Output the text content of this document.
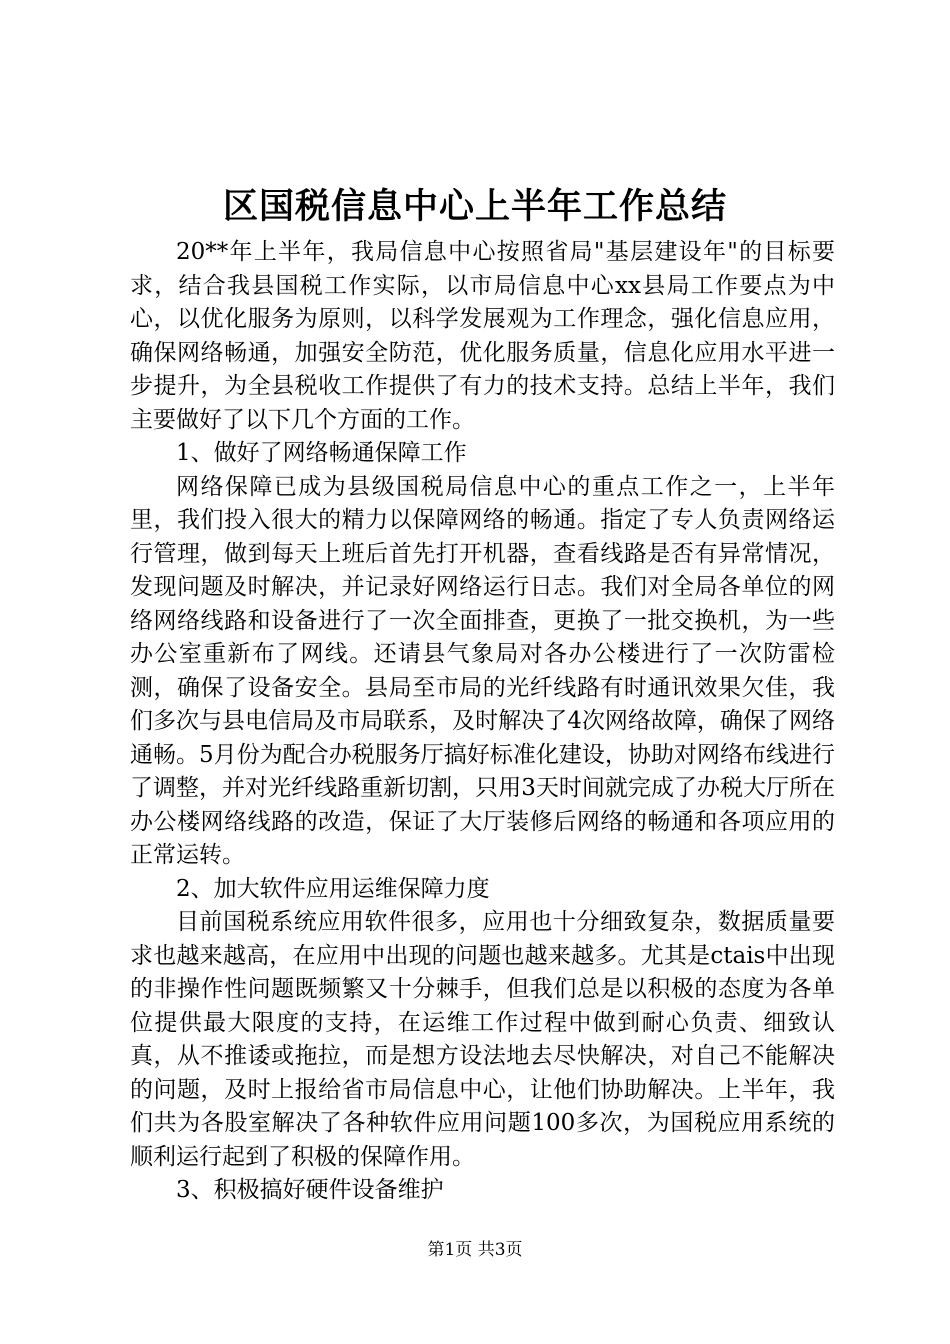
区国税信息中心上半年工作总结

20**年上半年，我局信息中心按照省局"基层建设年"的目标要求，结合我县国税工作实际，以市局信息中心xx县局工作要点为中心，以优化服务为原则，以科学发展观为工作理念，强化信息应用，确保网络畅通，加强安全防范，优化服务质量，信息化应用水平进一步提升，为全县税收工作提供了有力的技术支持。总结上半年，我们主要做好了以下几个方面的工作。

1、做好了网络畅通保障工作

网络保障已成为县级国税局信息中心的重点工作之一，上半年里，我们投入很大的精力以保障网络的畅通。指定了专人负责网络运行管理，做到每天上班后首先打开机器，查看线路是否有异常情况，发现问题及时解决，并记录好网络运行日志。我们对全局各单位的网络网络线路和设备进行了一次全面排查，更换了一批交换机，为一些办公室重新布了网线。还请县气象局对各办公楼进行了一次防雷检测，确保了设备安全。县局至市局的光纤线路有时通讯效果欠佳，我们多次与县电信局及市局联系，及时解决了4次网络故障，确保了网络通畅。5月份为配合办税服务厅搞好标准化建设，协助对网络布线进行了调整，并对光纤线路重新切割，只用3天时间就完成了办税大厅所在办公楼网络线路的改造，保证了大厅装修后网络的畅通和各项应用的正常运转。

2、加大软件应用运维保障力度

目前国税系统应用软件很多，应用也十分细致复杂，数据质量要求也越来越高，在应用中出现的问题也越来越多。尤其是ctais中出现的非操作性问题既频繁又十分棘手，但我们总是以积极的态度为各单位提供最大限度的支持，在运维工作过程中做到耐心负责、细致认真，从不推诿或拖拉，而是想方设法地去尽快解决，对自己不能解决的问题，及时上报给省市局信息中心，让他们协助解决。上半年，我们共为各股室解决了各种软件应用问题100多次，为国税应用系统的顺利运行起到了积极的保障作用。

3、积极搞好硬件设备维护

第1页 共3页
